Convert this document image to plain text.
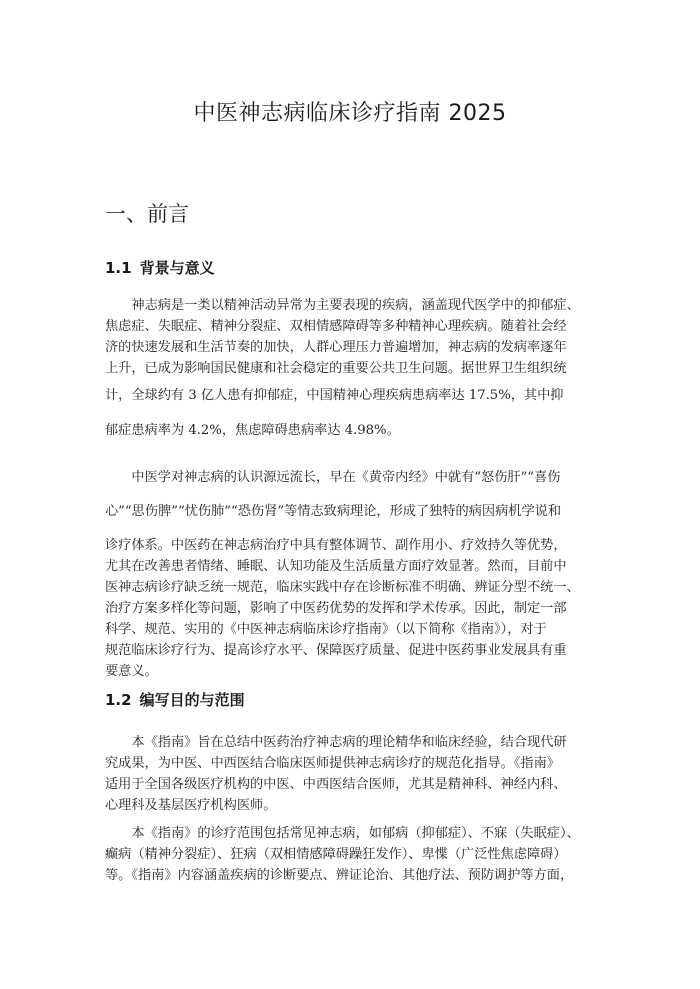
中医神志病临床诊疗指南 2025
一、前言
1.1 背景与意义
神志病是一类以精神活动异常为主要表现的疾病，涵盖现代医学中的抑郁症、
焦虑症、失眠症、精神分裂症、双相情感障碍等多种精神心理疾病。随着社会经
济的快速发展和生活节奏的加快，人群心理压力普遍增加，神志病的发病率逐年
上升，已成为影响国民健康和社会稳定的重要公共卫生问题。据世界卫生组织统
计，全球约有 3 亿人患有抑郁症，中国精神心理疾病患病率达 17.5%，其中抑
郁症患病率为 4.2%，焦虑障碍患病率达 4.98%。
中医学对神志病的认识源远流长，早在《黄帝内经》中就有“怒伤肝”“喜伤
心”“思伤脾”“忧伤肺”“恐伤肾”等情志致病理论，形成了独特的病因病机学说和
诊疗体系。中医药在神志病治疗中具有整体调节、副作用小、疗效持久等优势，
尤其在改善患者情绪、睡眠、认知功能及生活质量方面疗效显著。然而，目前中
医神志病诊疗缺乏统一规范，临床实践中存在诊断标准不明确、辨证分型不统一、
治疗方案多样化等问题，影响了中医药优势的发挥和学术传承。因此，制定一部
科学、规范、实用的《中医神志病临床诊疗指南》（以下简称《指南》），对于
规范临床诊疗行为、提高诊疗水平、保障医疗质量、促进中医药事业发展具有重
要意义。
1.2 编写目的与范围
本《指南》旨在总结中医药治疗神志病的理论精华和临床经验，结合现代研
究成果，为中医、中西医结合临床医师提供神志病诊疗的规范化指导。《指南》
适用于全国各级医疗机构的中医、中西医结合医师，尤其是精神科、神经内科、
心理科及基层医疗机构医师。
本《指南》的诊疗范围包括常见神志病，如郁病（抑郁症）、不寐（失眠症）、
癫病（精神分裂症）、狂病（双相情感障碍躁狂发作）、卑惵（广泛性焦虑障碍）
等。《指南》内容涵盖疾病的诊断要点、辨证论治、其他疗法、预防调护等方面，
